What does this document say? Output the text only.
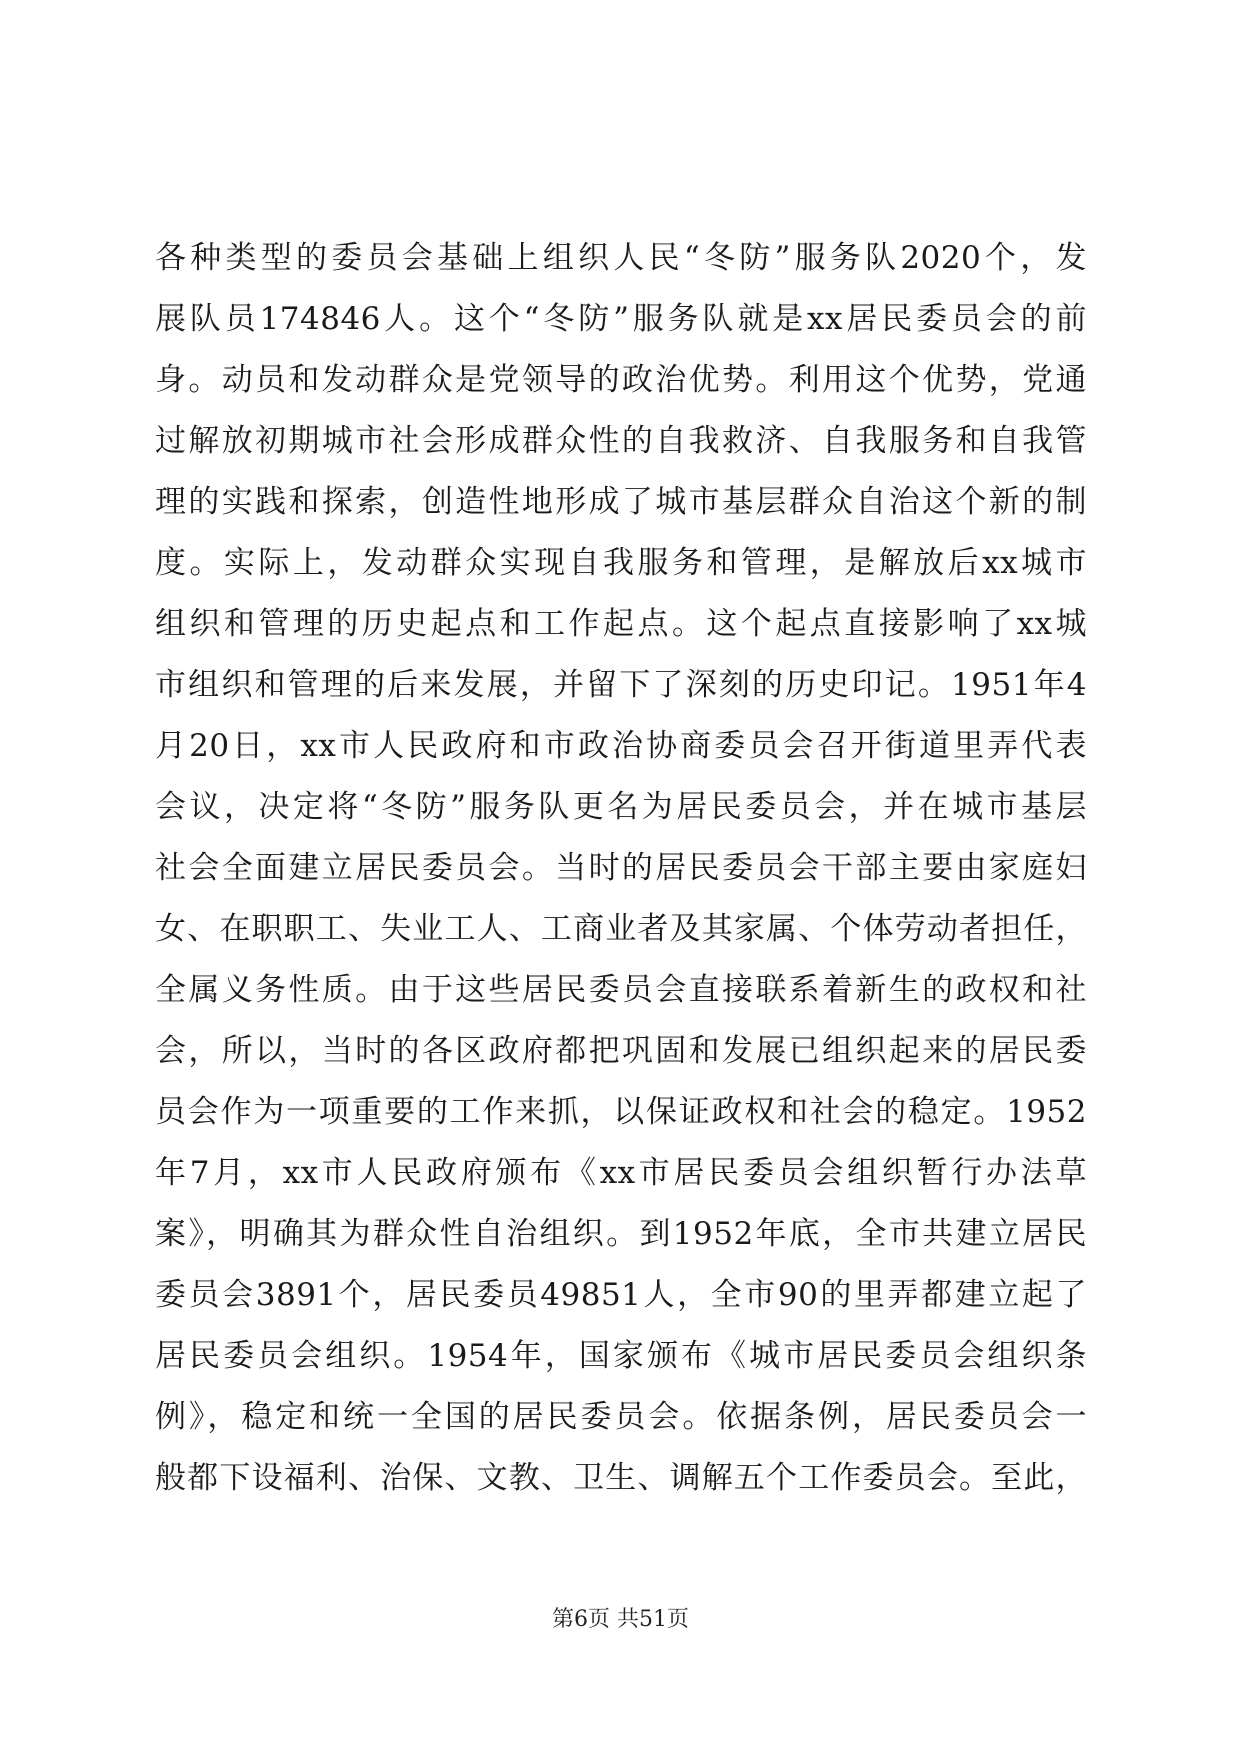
各种类型的委员会基础上组织人民“冬防”服务队2020个，发
展队员174846人。这个“冬防”服务队就是xx居民委员会的前
身。动员和发动群众是党领导的政治优势。利用这个优势，党通
过解放初期城市社会形成群众性的自我救济、自我服务和自我管
理的实践和探索，创造性地形成了城市基层群众自治这个新的制
度。实际上，发动群众实现自我服务和管理，是解放后xx城市
组织和管理的历史起点和工作起点。这个起点直接影响了xx城
市组织和管理的后来发展，并留下了深刻的历史印记。1951年4
月20日，xx市人民政府和市政治协商委员会召开街道里弄代表
会议，决定将“冬防”服务队更名为居民委员会，并在城市基层
社会全面建立居民委员会。当时的居民委员会干部主要由家庭妇
女、在职职工、失业工人、工商业者及其家属、个体劳动者担任，
全属义务性质。由于这些居民委员会直接联系着新生的政权和社
会，所以，当时的各区政府都把巩固和发展已组织起来的居民委
员会作为一项重要的工作来抓，以保证政权和社会的稳定。1952
年7月，xx市人民政府颁布《xx市居民委员会组织暂行办法草
案》，明确其为群众性自治组织。到1952年底，全市共建立居民
委员会3891个，居民委员49851人，全市90的里弄都建立起了
居民委员会组织。1954年，国家颁布《城市居民委员会组织条
例》，稳定和统一全国的居民委员会。依据条例，居民委员会一
般都下设福利、治保、文教、卫生、调解五个工作委员会。至此，
第6页 共51页
